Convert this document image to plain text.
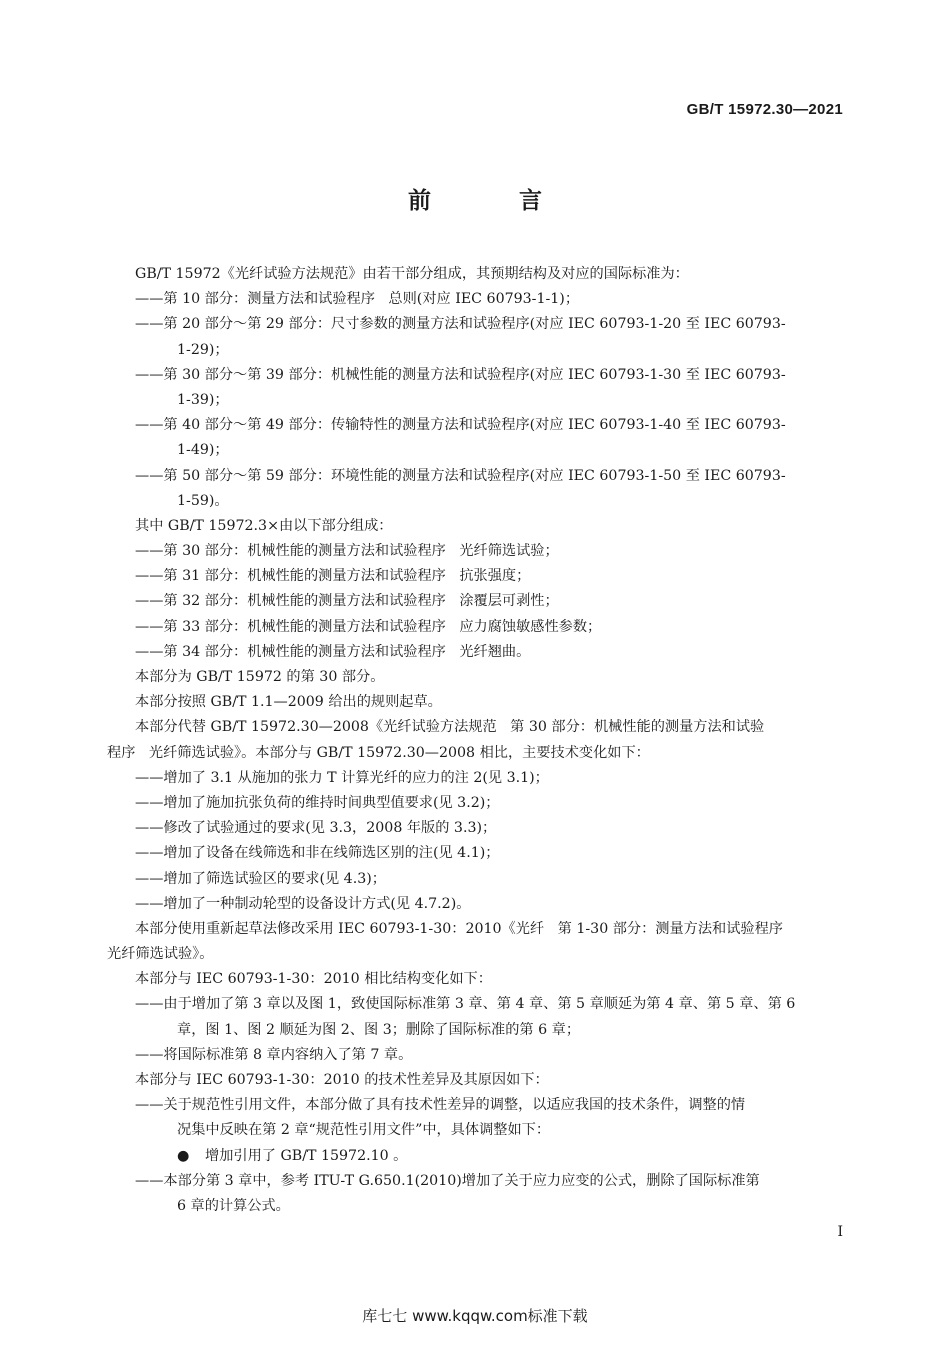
GB/T 15972.30—2021
前 言
GB/T 15972《光纤试验方法规范》由若干部分组成，其预期结构及对应的国际标准为：
——第 10 部分：测量方法和试验程序   总则(对应 IEC 60793-1-1)；
——第 20 部分～第 29 部分：尺寸参数的测量方法和试验程序(对应 IEC 60793-1-20 至 IEC 60793-
1-29)；
——第 30 部分～第 39 部分：机械性能的测量方法和试验程序(对应 IEC 60793-1-30 至 IEC 60793-
1-39)；
——第 40 部分～第 49 部分：传输特性的测量方法和试验程序(对应 IEC 60793-1-40 至 IEC 60793-
1-49)；
——第 50 部分～第 59 部分：环境性能的测量方法和试验程序(对应 IEC 60793-1-50 至 IEC 60793-
1-59)。
其中 GB/T 15972.3×由以下部分组成：
——第 30 部分：机械性能的测量方法和试验程序   光纤筛选试验；
——第 31 部分：机械性能的测量方法和试验程序   抗张强度；
——第 32 部分：机械性能的测量方法和试验程序   涂覆层可剥性；
——第 33 部分：机械性能的测量方法和试验程序   应力腐蚀敏感性参数；
——第 34 部分：机械性能的测量方法和试验程序   光纤翘曲。
本部分为 GB/T 15972 的第 30 部分。
本部分按照 GB/T 1.1—2009 给出的规则起草。
本部分代替 GB/T 15972.30—2008《光纤试验方法规范   第 30 部分：机械性能的测量方法和试验
程序   光纤筛选试验》。本部分与 GB/T 15972.30—2008 相比，主要技术变化如下：
——增加了 3.1 从施加的张力 T 计算光纤的应力的注 2(见 3.1)；
——增加了施加抗张负荷的维持时间典型值要求(见 3.2)；
——修改了试验通过的要求(见 3.3，2008 年版的 3.3)；
——增加了设备在线筛选和非在线筛选区别的注(见 4.1)；
——增加了筛选试验区的要求(见 4.3)；
——增加了一种制动轮型的设备设计方式(见 4.7.2)。
本部分使用重新起草法修改采用 IEC 60793-1-30：2010《光纤   第 1-30 部分：测量方法和试验程序
光纤筛选试验》。
本部分与 IEC 60793-1-30：2010 相比结构变化如下：
——由于增加了第 3 章以及图 1，致使国际标准第 3 章、第 4 章、第 5 章顺延为第 4 章、第 5 章、第 6
章，图 1、图 2 顺延为图 2、图 3；删除了国际标准的第 6 章；
——将国际标准第 8 章内容纳入了第 7 章。
本部分与 IEC 60793-1-30：2010 的技术性差异及其原因如下：
——关于规范性引用文件，本部分做了具有技术性差异的调整，以适应我国的技术条件，调整的情
况集中反映在第 2 章“规范性引用文件”中，具体调整如下：
● 增加引用了 GB/T 15972.10 。
——本部分第 3 章中，参考 ITU-T G.650.1(2010)增加了关于应力应变的公式，删除了国际标准第
6 章的计算公式。
I
库七七 www.kqqw.com标准下载
